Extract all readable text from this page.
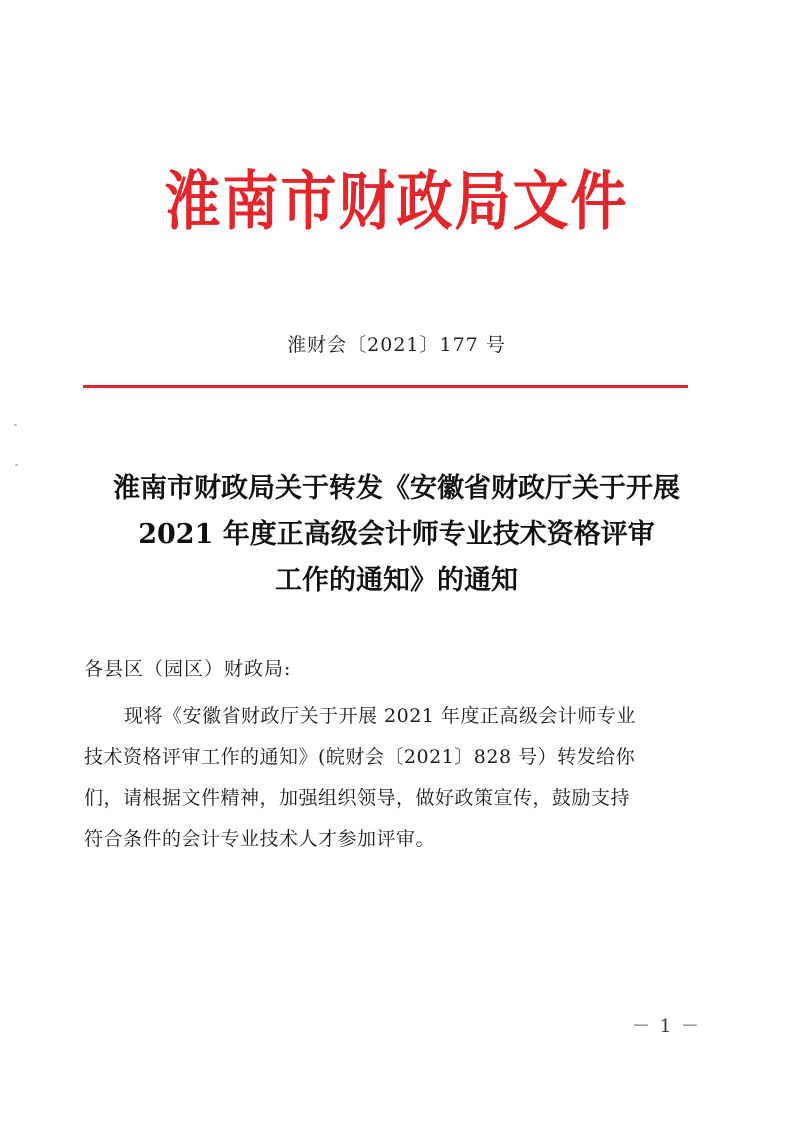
淮南市财政局文件
淮财会〔2021〕177 号
淮南市财政局关于转发《安徽省财政厅关于开展
2021 年度正高级会计师专业技术资格评审
工作的通知》的通知
各县区（园区）财政局:
现将《安徽省财政厅关于开展 2021 年度正高级会计师专业
技术资格评审工作的通知》(皖财会〔2021〕828 号）转发给你
们，请根据文件精神，加强组织领导，做好政策宣传，鼓励支持
符合条件的会计专业技术人才参加评审。
－ 1 －
